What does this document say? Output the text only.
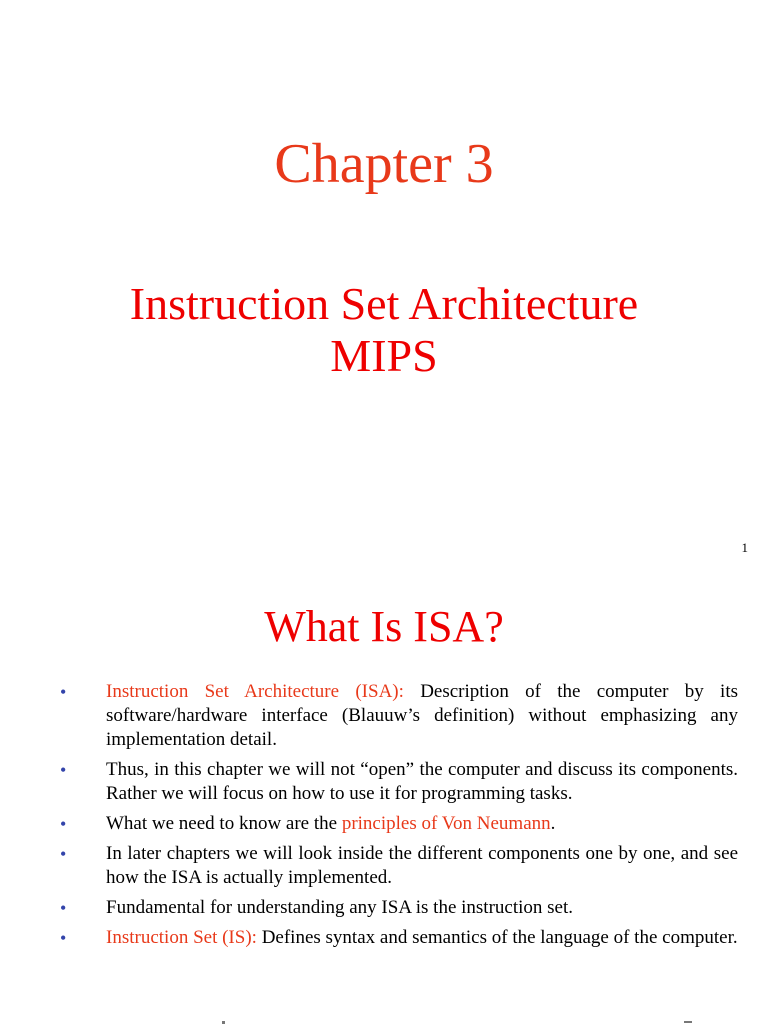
Chapter 3
Instruction Set Architecture
MIPS
1
What Is ISA?
• Instruction Set Architecture (ISA): Description of the computer by its software/hardware interface (Blauuw’s definition) without emphasizing any implementation detail.
• Thus, in this chapter we will not “open” the computer and discuss its components. Rather we will focus on how to use it for programming tasks.
• What we need to know are the principles of Von Neumann.
• In later chapters we will look inside the different components one by one, and see how the ISA is actually implemented.
• Fundamental for understanding any ISA is the instruction set.
• Instruction Set (IS): Defines syntax and semantics of the language of the computer.
